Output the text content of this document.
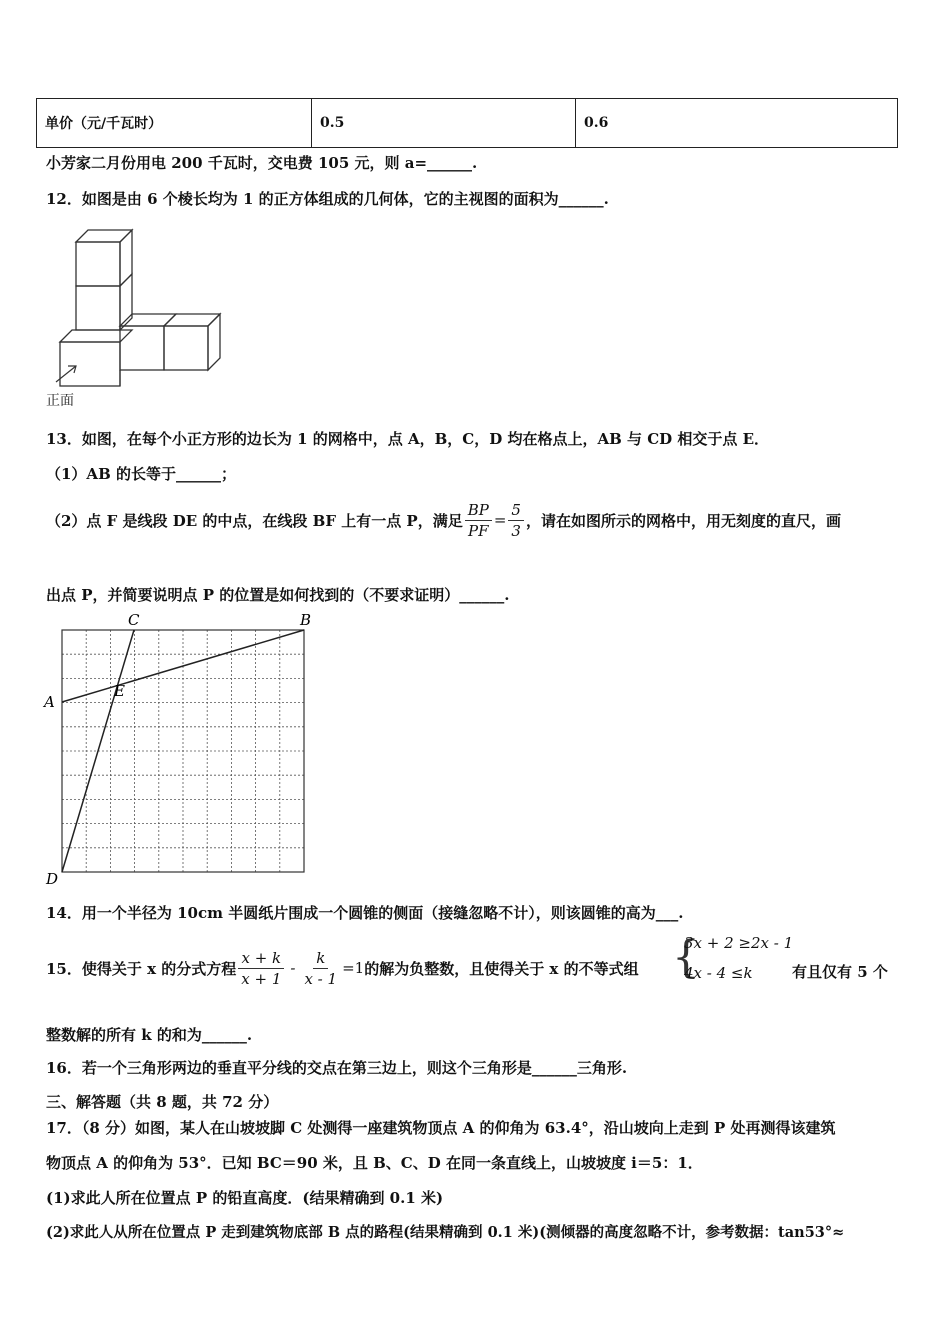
单价（元/千瓦时）	0.5	0.6
小芳家二月份用电 200 千瓦时，交电费 105 元，则 a=______.
12．如图是由 6 个棱长均为 1 的正方体组成的几何体，它的主视图的面积为______.
正面
13．如图，在每个小正方形的边长为 1 的网格中，点 A，B，C，D 均在格点上，AB 与 CD 相交于点 E．
（1）AB 的长等于______；
（2）点 F 是线段 DE 的中点，在线段 BF 上有一点 P，满足 $\frac{BP}{PF} = \frac{5}{3}$ ，请在如图所示的网格中，用无刻度的直尺，画
出点 P，并简要说明点 P 的位置是如何找到的（不要求证明）______.
A
B
C
D
E
14．用一个半径为 10cm 半圆纸片围成一个圆锥的侧面（接缝忽略不计），则该圆锥的高为___.
15．使得关于 x 的分式方程 $\frac{x + k}{x + 1} - \frac{k}{x - 1} =1$ 的解为负整数，且使得关于 x 的不等式组 {
3x + 2 ≥2x - 1
4x - 4 ≤k	有且仅有 5 个
整数解的所有 k 的和为______.
16．若一个三角形两边的垂直平分线的交点在第三边上，则这个三角形是______三角形.
三、解答题（共 8 题，共 72 分）
17．（8 分）如图，某人在山坡坡脚 C 处测得一座建筑物顶点 A 的仰角为 63.4°，沿山坡向上走到 P 处再测得该建筑
物顶点 A 的仰角为 53°．已知 BC＝90 米，且 B、C、D 在同一条直线上，山坡坡度 i＝5：1．
(1)求此人所在位置点 P 的铅直高度．(结果精确到 0.1 米)
(2)求此人从所在位置点 P 走到建筑物底部 B 点的路程(结果精确到 0.1 米)(测倾器的高度忽略不计，参考数据：tan53°≈
